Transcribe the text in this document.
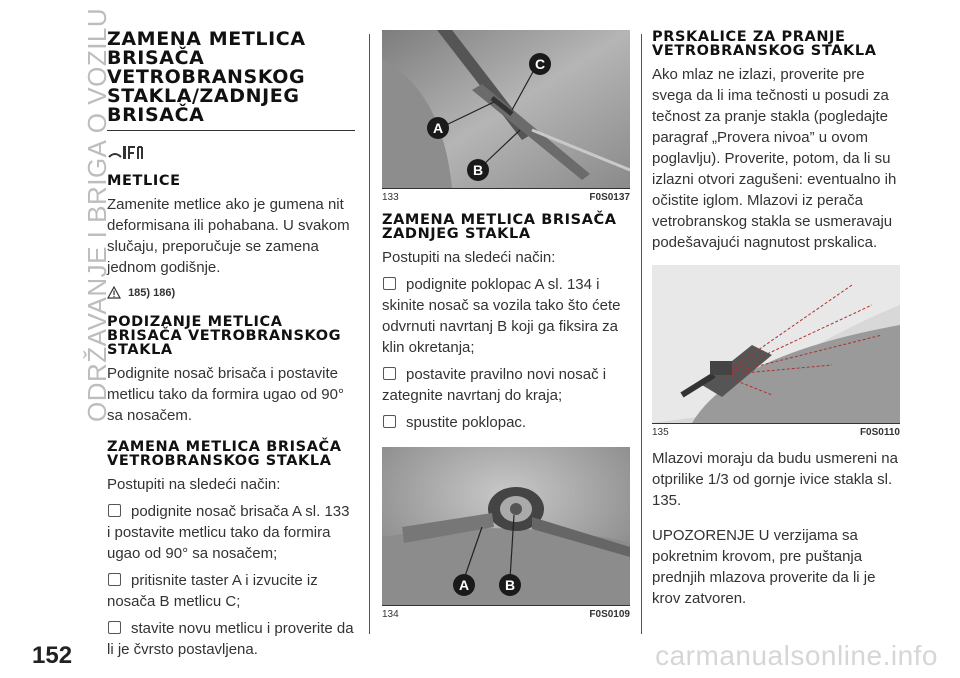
ODRŽAVANJE I BRIGA O VOZILU
152
ZAMENA METLICA BRISAČA VETROBRANSKOG STAKLA/ZADNJEG BRISAČA
METLICE

Zamenite metlice ako je gumena nit deformisana ili pohabana. U svakom slučaju, preporučuje se zamena jednom godišnje.

185) 186)
PODIZANJE METLICA BRISAČA VETROBRANSKOG STAKLA

Podignite nosač brisača i postavite metlicu tako da formira ugao od 90° sa nosačem.

ZAMENA METLICA BRISAČA VETROBRANSKOG STAKLA

Postupiti na sledeći način:

podignite nosač brisača A sl. 133 i postavite metlicu tako da formira ugao od 90° sa nosačem;
pritisnite taster A i izvucite iz nosača B metlicu C;
stavite novu metlicu i proverite da li je čvrsto postavljena.
A
B
C
133	F0S0137
ZAMENA METLICA BRISAČA ZADNJEG STAKLA

Postupiti na sledeći način:

podignite poklopac A sl. 134 i skinite nosač sa vozila tako što ćete odvrnuti navrtanj B koji ga fiksira za klin okretanja;
postavite pravilno novi nosač i zategnite navrtanj do kraja;
spustite poklopac.
A	B
134	F0S0109
PRSKALICE ZA PRANJE VETROBRANSKOG STAKLA

Ako mlaz ne izlazi, proverite pre svega da li ima tečnosti u posudi za tečnost za pranje stakla (pogledajte paragraf „Provera nivoa” u ovom poglavlju). Proverite, potom, da li su izlazni otvori zagušeni: eventualno ih očistite iglom. Mlazovi iz perača vetrobranskog stakla se usmeravaju podešavajući nagnutost prskalica.

135	F0S0110

Mlazovi moraju da budu usmereni na otprilike 1/3 od gornje ivice stakla sl. 135.

UPOZORENJE U verzijama sa pokretnim krovom, pre puštanja prednjih mlazova proverite da li je krov zatvoren.

carmanualsonline.info
